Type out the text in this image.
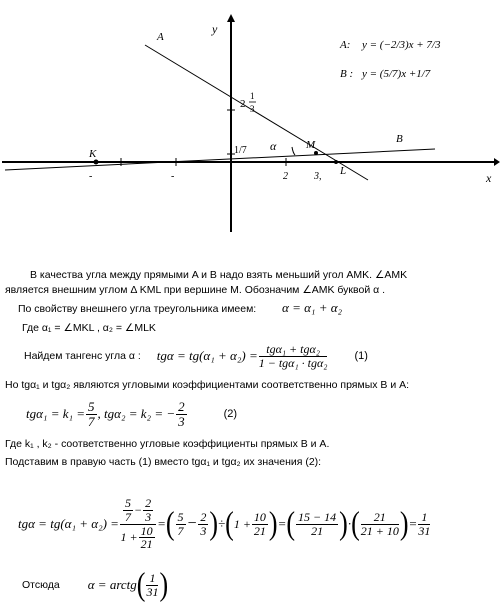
y
x
A
B
K
M
L
α
2	3,
-
-
1/7
2
1
3
A: y = (−2/3)x + 7/3
B : y = (5/7)x +1/7
В качества угла между прямыми A и B надо взять меньший угол AMK. ∠AMK
является внешним углом Δ KML при вершине M. Обозначим ∠AMK буквой α .
По свойству внешнего угла треугольника имеем: α = α₁ + α₂
Где α₁ = ∠MKL , α₂ = ∠MLK
Найдем тангенс угла α : $tg\alpha = tg(\alpha_1 + \alpha_2) = \frac{\text{tgα₁ + tgα₂}}{\text{1 − tgα₁ · tgα₂}} (1)$
Но tgα₁ и tgα₂ являются угловыми коэффициентами соответственно прямых B и A:
$tg\alpha_1 = k_1 = \frac{5}{7}$ , tgα₂ = k₂ = − $\frac{2}{3}$	(2)
Где k₁ , k₂ - соответственно угловые коэффициенты прямых B и A.
Подставим в правую часть (1) вместо tgα₁ и tgα₂ их значения (2):
$tg\alpha = tg(\alpha_1 + \alpha_2) = \frac{\frac{5}{7} - \frac{2}{3}}{1 + \frac{10}{21}}$ = ( $\frac{5}{7} - \frac{2}{3}$ ) ÷ ( $1 + \frac{10}{21}$ ) = ( $\frac{15 - 14}{21}$ ) · ( $\frac{21}{21 + 10}$ ) = $\frac{1}{31}$
Отсюда α = arctg ( $\frac{1}{31}$ )
